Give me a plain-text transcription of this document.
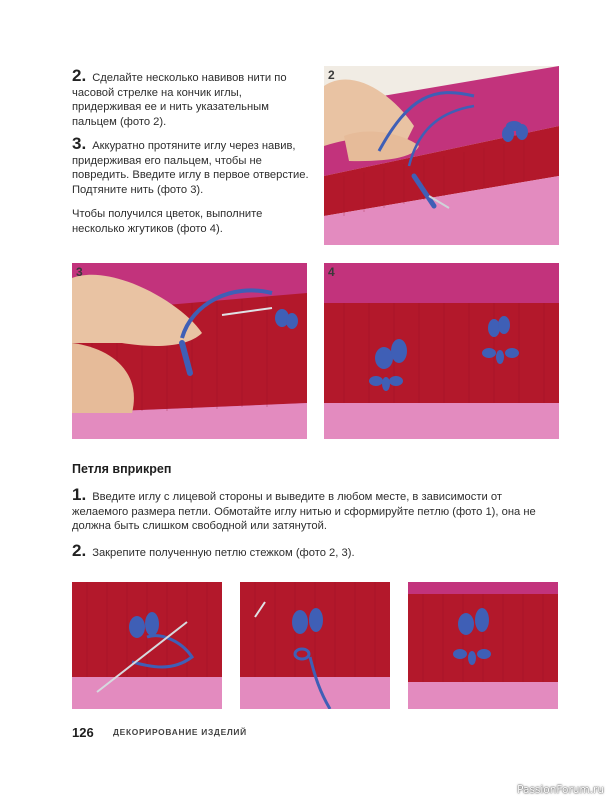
2. Сделайте несколько навивов нити по часовой стрелке на кончик иглы, придерживая ее и нить указательным пальцем (фото 2).
3. Аккуратно протяните иглу через навив, придерживая его пальцем, чтобы не повредить. Введите иглу в первое отверстие. Подтяните нить (фото 3).
Чтобы получился цветок, выполните несколько жгутиков (фото 4).
2
3	4
Петля вприкреп
1. Введите иглу с лицевой стороны и выведите в любом месте, в зависимости от желаемого размера петли. Обмотайте иглу нитью и сформируйте петлю (фото 1), она не должна быть слишком свободной или затянутой.
2. Закрепите полученную петлю стежком (фото 2, 3).
126 ДЕКОРИРОВАНИЕ ИЗДЕЛИЙ
PassionForum.ru
